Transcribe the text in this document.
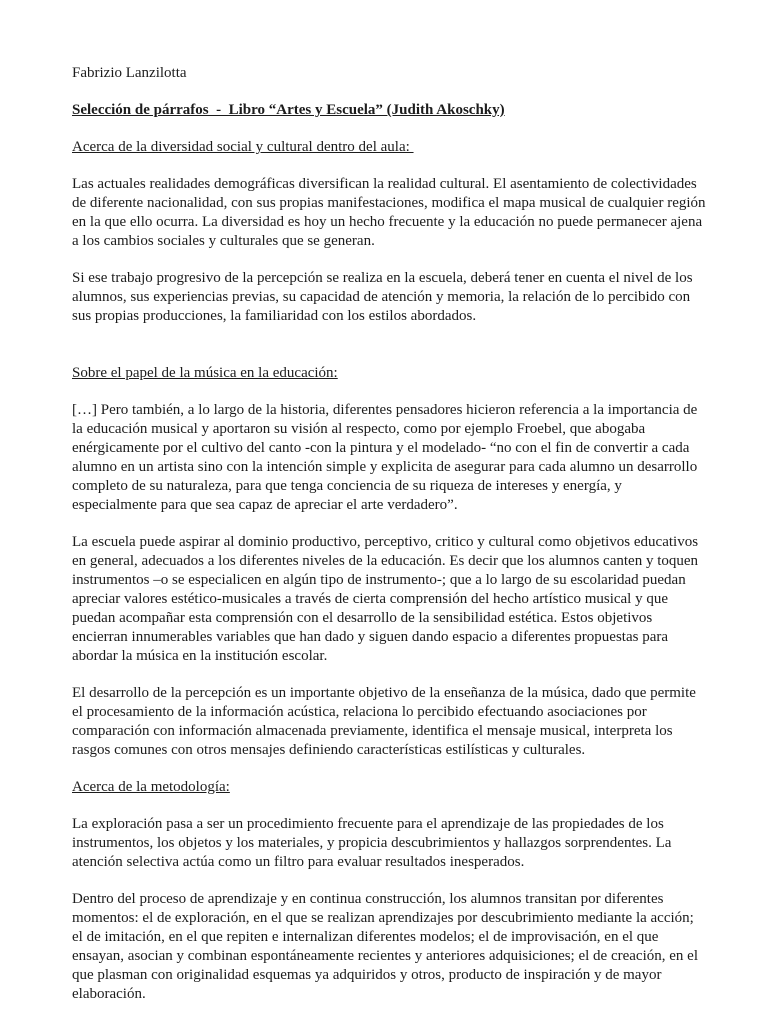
Fabrizio Lanzilotta

Selección de párrafos  -  Libro “Artes y Escuela” (Judith Akoschky)

Acerca de la diversidad social y cultural dentro del aula:

Las actuales realidades demográficas diversifican la realidad cultural. El asentamiento de colectividades de diferente nacionalidad, con sus propias manifestaciones, modifica el mapa musical de cualquier región en la que ello ocurra. La diversidad es hoy un hecho frecuente y la educación no puede permanecer ajena  a los cambios sociales y culturales que se generan.

Si ese trabajo progresivo de la percepción se realiza en la escuela, deberá tener en cuenta el nivel de los alumnos, sus experiencias previas, su capacidad de atención y memoria, la relación de lo percibido con sus propias producciones, la familiaridad con los estilos abordados.

Sobre el papel de la música en la educación:

[…] Pero también, a lo largo de la historia, diferentes pensadores hicieron referencia a la importancia de la educación musical y aportaron su visión al respecto, como por ejemplo Froebel, que abogaba enérgicamente por el cultivo del canto -con la pintura y el modelado- “no con el fin de convertir a cada alumno en un artista sino con la intención simple y explicita de asegurar para cada alumno un desarrollo completo de su naturaleza, para que tenga conciencia de su riqueza de intereses y energía, y especialmente para que sea capaz de apreciar el arte verdadero”.

La escuela puede aspirar al dominio productivo, perceptivo, critico y cultural como objetivos educativos en general, adecuados a los diferentes niveles de la educación. Es decir que los alumnos canten y toquen instrumentos –o se especialicen en algún tipo de instrumento-; que a lo largo de su escolaridad puedan apreciar valores estético-musicales a través de cierta comprensión del hecho artístico musical y que puedan acompañar esta comprensión con el desarrollo de la sensibilidad estética. Estos objetivos encierran innumerables variables que han dado y siguen dando espacio a diferentes propuestas para abordar la música en la institución escolar.

El desarrollo de la percepción es un importante objetivo de la enseñanza de la música, dado que permite el procesamiento de la información acústica, relaciona lo percibido efectuando asociaciones por comparación con información almacenada previamente, identifica el mensaje musical, interpreta los rasgos comunes con otros mensajes definiendo características estilísticas y culturales.

Acerca de la metodología:

La exploración pasa a ser un procedimiento frecuente para el aprendizaje de las propiedades de los instrumentos, los objetos y los materiales, y propicia descubrimientos y hallazgos sorprendentes. La atención selectiva actúa como un filtro para evaluar resultados inesperados.

Dentro del proceso de aprendizaje y en continua construcción, los alumnos transitan por diferentes momentos: el de exploración, en el que se realizan aprendizajes por descubrimiento mediante la acción; el de imitación, en el que repiten e internalizan diferentes modelos; el de improvisación, en el que ensayan, asocian y combinan espontáneamente recientes y anteriores adquisiciones; el de creación, en el que plasman con originalidad esquemas ya adquiridos y otros, producto de inspiración y de mayor elaboración.
